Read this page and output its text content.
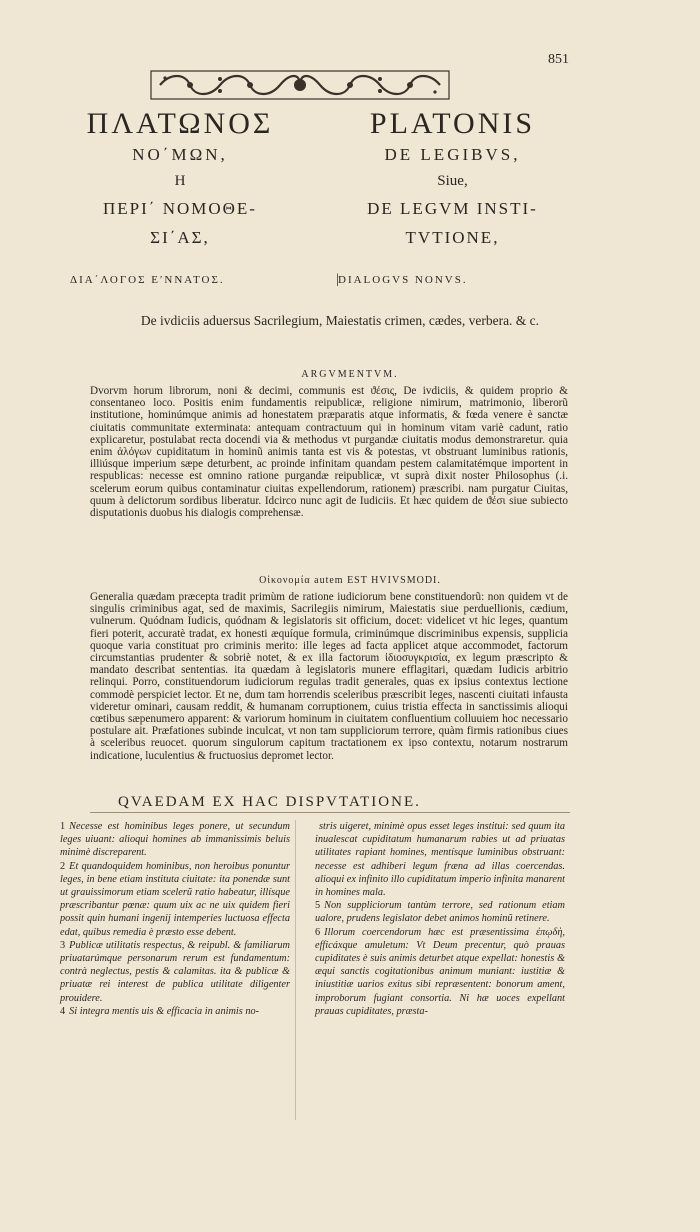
851
ΠΛΑΤΩΝΟΣ
ΝΟ΄ΜΩΝ,
Η
ΠΕΡΙ΄ ΝΟΜΟΘΕ-
ΣΙ΄ΑΣ,
PLATONIS
DE LEGIBVS,
Siue,
DE LEGVM INSTI-
TVTIONE,
ΔΙΑ΄ΛΟΓΟΣ ΕʹΝΝΑΤΟΣ.	| DIALOGVS NONVS.
De ivdiciis aduersus Sacrilegium, Maiestatis crimen, cædes, verbera. & c.
ARGVMENTVM.
Dvorvm horum librorum, noni & decimi, communis est ϑέσις, De ivdiciis, & quidem proprio & consentaneo loco. Positis enim fundamentis reipublicæ, religione nimirum, matrimonio, liberorũ institutione, hominúmque animis ad honestatem præparatis atque informatis, & fœda venere è sanctæ ciuitatis communitate exterminata: antequam contractuum qui in hominum vitam variè cadunt, ratio explicaretur, postulabat recta docendi via & methodus vt purgandæ ciuitatis modus demonstraretur. quia enim ἀλόγων cupiditatum in hominũ animis tanta est vis & potestas, vt obstruant luminibus rationis, illiúsque imperium sæpe deturbent, ac proinde infinitam quandam pestem calamitatémque importent in respublicas: necesse est omnino ratione purgandæ reipublicæ, vt suprà dixit noster Philosophus (.i. scelerum eorum quibus contaminatur ciuitas expellendorum, rationem) præscribi. nam purgatur Ciuitas, quum à delictorum sordibus liberatur. Idcirco nunc agit de Iudiciis. Et hæc quidem de ϑέσι siue subiecto disputationis duobus his dialogis comprehensæ.
Οἰκονομία autem EST HVIVSMODI.
Generalia quædam præcepta tradit primùm de ratione iudiciorum bene constituendorũ: non quidem vt de singulis criminibus agat, sed de maximis, Sacrilegiis nimirum, Maiestatis siue perduellionis, cædium, vulnerum. Quódnam Iudicis, quódnam & legislatoris sit officium, docet: videlicet vt hic leges, quantum fieri poterit, accuratè tradat, ex honesti æquíque formula, criminúmque discriminibus expensis, supplicia quoque varia constituat pro criminis merito: ille leges ad facta applicet atque accommodet, factorum circumstantias prudenter & sobriè notet, & ex illa factorum ἰδιοσυγκρισία, ex legum præscripto & mandato describat sententias. ita quædam à legislatoris munere efflagitari, quædam Iudicis arbitrio relinqui. Porro, constituendorum iudiciorum regulas tradit generales, quas ex ipsius contextus lectione commodè perspiciet lector. Et ne, dum tam horrendis sceleribus præscribit leges, nascenti ciuitati infausta videretur ominari, causam reddit, & humanam corruptionem, cuius tristia effecta in sanctissimis alioqui cœtibus sæpenumero apparent: & variorum hominum in ciuitatem confluentium colluuiem hoc necessario postulare ait. Præfationes subinde inculcat, vt non tam suppliciorum terrore, quàm firmis rationibus ciues à sceleribus reuocet. quorum singulorum capitum tractationem ex ipso contextu, notarum nostrarum indicatione, luculentius & fructuosius depromet lector.
QVAEDAM EX HAC DISPVTATIONE.

1 Necesse est hominibus leges ponere, ut secundum leges uiuant: alioqui homines ab immanissimis beluis minimè discreparent.

2 Et quandoquidem hominibus, non heroibus ponuntur leges, in bene etiam instituta ciuitate: ita ponendæ sunt ut grauissimorum etiam scelerũ ratio habeatur, illísque præscribantur pœnæ: quum uix ac ne uix quidem fieri possit quin humani ingenij intemperies luctuosa effecta edat, quibus remedia è præsto esse debent.

3 Publicæ utilitatis respectus, & reipubl. & familiarum priuatarúmque personarum rerum est fundamentum: contrà neglectus, pestis & calamitas. ita & publicæ & priuatæ rei interest de publica utilitate diligenter prouidere.

4 Si integra mentis uis & efficacia in animis no-

stris uigeret, minimè opus esset leges institui: sed quum ita inualescat cupiditatum humanarum rabies ut ad priuatas utilitates rapiant homines, mentísque luminibus obstruant: necesse est adhiberi legum fræna ad illas coercendas. alioqui ex infinito illo cupiditatum imperio infinita manarent in homines mala.

5 Non suppliciorum tantùm terrore, sed rationum etiam ualore, prudens legislator debet animos hominũ retinere.

6 Illorum coercendorum hæc est præsentissima ἐπῳδὴ, efficáxque amuletum: Vt Deum precentur, quò prauas cupiditates è suis animis deturbet atque expellat: honestis & æqui sanctis cogitationibus animum muniant: iustitiæ & iniustitiæ uarios exitus sibi repræsentent: bonorum ament, improborum fugiant consortia. Ni hæ uoces expellant prauas cupiditates, præsta-
